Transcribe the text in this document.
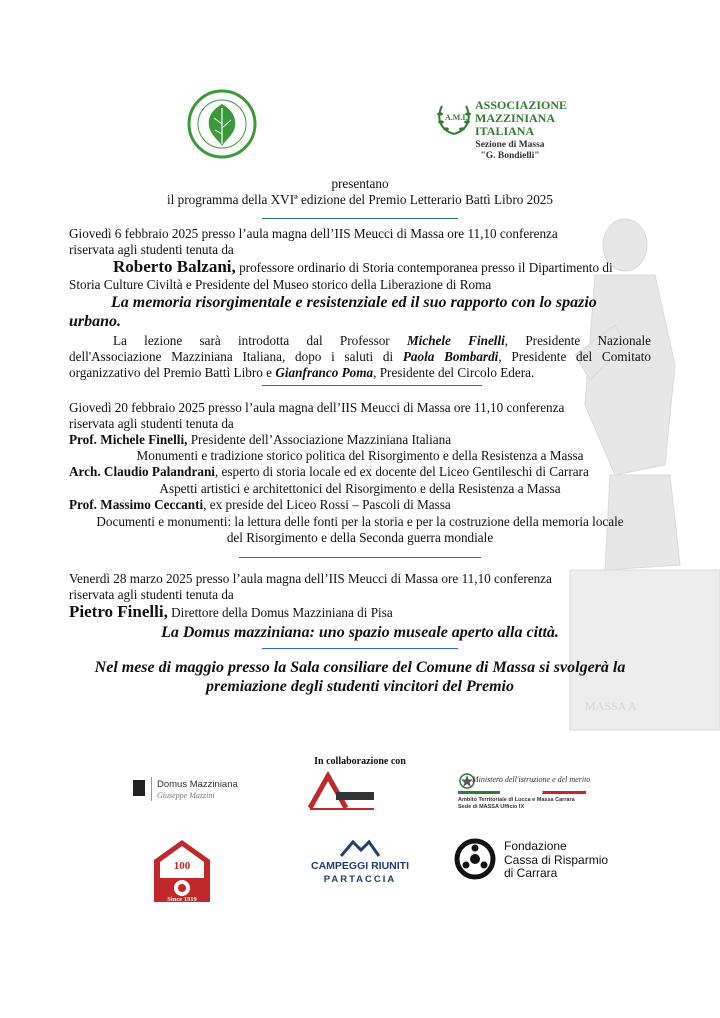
MASSA A
A.M.I.
ASSOCIAZIONE
MAZZINIANA
ITALIANA
Sezione di Massa
"G. Bondielli"
presentano
il programma della XVIª edizione del Premio Letterario Battì Libro 2025
Giovedì 6 febbraio 2025 presso l’aula magna dell’IIS Meucci di Massa ore 11,10 conferenza
riservata agli studenti tenuta da
Roberto Balzani, professore ordinario di Storia contemporanea presso il Dipartimento di
Storia Culture Civiltà e Presidente del Museo storico della Liberazione di Roma
La memoria risorgimentale e resistenziale ed il suo rapporto con lo spazio
urbano.
La lezione sarà introdotta dal Professor Michele Finelli, Presidente Nazionale
dell'Associazione Mazziniana Italiana, dopo i saluti di Paola Bombardi, Presidente del Comitato
organizzativo del Premio Battì Libro e Gianfranco Poma, Presidente del Circolo Edera.
Giovedì 20 febbraio 2025 presso l’aula magna dell’IIS Meucci di Massa ore 11,10 conferenza
riservata agli studenti tenuta da
Prof. Michele Finelli, Presidente dell’Associazione Mazziniana Italiana
Monumenti e tradizione storico politica del Risorgimento e della Resistenza a Massa
Arch. Claudio Palandrani, esperto di storia locale ed ex docente del Liceo Gentileschi di Carrara
Aspetti artistici e architettonici del Risorgimento e della Resistenza a Massa
Prof. Massimo Ceccanti, ex preside del Liceo Rossi – Pascoli di Massa
Documenti e monumenti: la lettura delle fonti per la storia e per la costruzione della memoria locale
del Risorgimento e della Seconda guerra mondiale
Venerdì 28 marzo 2025 presso l’aula magna dell’IIS Meucci di Massa ore 11,10 conferenza
riservata agli studenti tenuta da
Pietro Finelli, Direttore della Domus Mazziniana di Pisa
La Domus mazziniana: uno spazio museale aperto alla città.
Nel mese di maggio presso la Sala consiliare del Comune di Massa si svolgerà la
premiazione degli studenti vincitori del Premio
In collaborazione con
Domus Mazziniana
Giuseppe Mazzini
Ministero dell'istruzione e del merito
Ambito Territoriale di Lucca e Massa Carrara
Sede di MASSA Ufficio IX
100
Since 1919
CAMPEGGI RIUNITI
PARTACCIA
Fondazione
Cassa di Risparmio
di Carrara
